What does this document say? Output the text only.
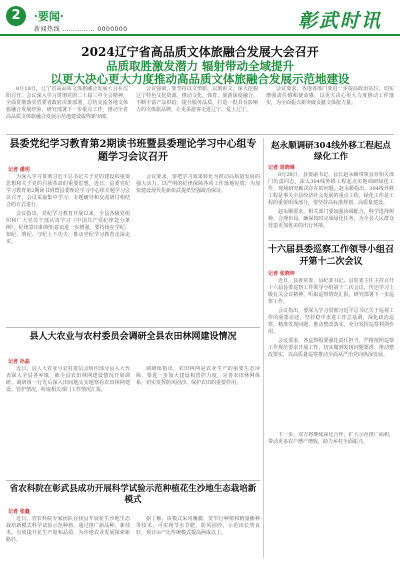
2	·要闻·
新闻热线 …………… 0000000	彰武时讯
2024辽宁省高品质文体旅融合发展大会召开
品质取胜激发潜力 辐射带动全域提升
以更大决心更大力度推动高品质文体旅融合发展示范地建设

8月18日，辽宁省高品质文体旅融合发展大会在沈阳召开。会议深入学习贯彻党的二十届三中全会精神，全面贯彻落实省委省政府决策部署，总结交流各地文体旅融合发展经验，研究部署下一步重点工作，推动全省高品质文体旅融合发展示范地建设取得新突破。

会议强调，要坚持以文塑旅、以旅彰文，深入挖掘辽宁特色文化资源，推动文化、体育、旅游深度融合，不断丰富产品供给，提升服务品质，打造一批具有影响力的文体旅品牌，让更多游客走进辽宁、爱上辽宁。

会议要求，各地各部门要进一步提高政治站位，切实增强责任感和使命感，以更大决心更大力度推动工作落实，为全面振兴新突破贡献文体旅力量。

县委党纪学习教育第2期读书班暨县委理论学习中心组专题学习会议召开
记者 潘玥

为深入学习贯彻习近平总书记关于党的建设的重要思想和关于党的自我革命的重要思想，近日，县委党纪学习教育第2期读书班暨县委理论学习中心组专题学习会议召开。会议采取集中学习、专题辅导和交流研讨相结合的方式进行。

会议指出，党纪学习教育开展以来，全县各级党组织和广大党员干部认真学习《中国共产党纪律处分条例》，纪律意识和规矩意识进一步增强。要持续在学纪、知纪、明纪、守纪上下功夫，推动党纪学习教育走深走实。

会议要求，要把学习成果转化为推动高质量发展的强大动力，以严明的纪律保障各项工作落地见效，为加快建设现代化新彰武提供坚强政治保证。

赵永顺调研304线外移工程起点绿化工作
记者 周晓琳

8月28日，县委副书记、县长赵永顺带领县直相关部门负责同志，深入304线外移工程起点实地调研绿化工作，现场研究解决存在的问题。赵永顺指出，304线外移工程是事关全县经济社会发展的重点工程，绿化工作是工程的重要组成部分，要坚持高标准规划、高质量建设。

赵永顺要求，相关部门要加强协调配合，科学选择树种，合理布局，确保按时完成绿化任务，为全县人民群众营造更加优美的出行环境。

县人大农业与农村委员会调研全县农田林网建设情况
记者 孙晶

近日，县人大农业与农村委员会组织部分县人大代表深入全县各乡镇，就全县农田林网建设情况开展调研。调研组一行先后深入田间地头实地察看农田林网建设、管护情况，听取相关部门工作情况汇报。

调研组指出，农田林网是农业生产的重要生态屏障，要进一步加大建设和管护力度，完善农田林网体系，切实发挥防风固沙、保护农田的重要作用。

十六届县委巡察工作领导小组召开第十二次会议
记者 张晓坤

近日，县委常委、县纪委书记、县监委主任主持召开十六届县委巡察工作领导小组第十二次会议，传达学习上级有关会议精神，听取巡察情况汇报，研究部署下一步巡察工作。

会议指出，要深入学习贯彻习近平总书记关于巡视工作的重要论述，坚持稳中求进工作总基调，深化政治巡察，精准发现问题，推动整改落实，充分发挥巡察利剑作用。

会议要求，各巡察组要强化责任担当，严格按照巡察工作规范要求开展工作，切实做到发现问题要准、推动整改要实，以高质量巡察推动全面从严治党向纵深发展。

省农科院在彰武县成功开展科学试验示范种植花生沙地生态栽培新模式
记者 张鑫

近日，省农科院专家团队在我县开展花生沙地生态栽培新模式科学试验示范种植，通过推广新品种、新技术，有效提升花生产量和品质，为沙地农业发展探索新路径。

据了解，该模式采用覆膜、宽窄行种植和精量播种等技术，可实现节水节肥、防风固沙，示范田长势良好，预计亩产比传统模式提高两成以上。

下一步，双方将继续深化合作，扩大示范推广面积，带动更多农户增产增收，助力乡村全面振兴。
